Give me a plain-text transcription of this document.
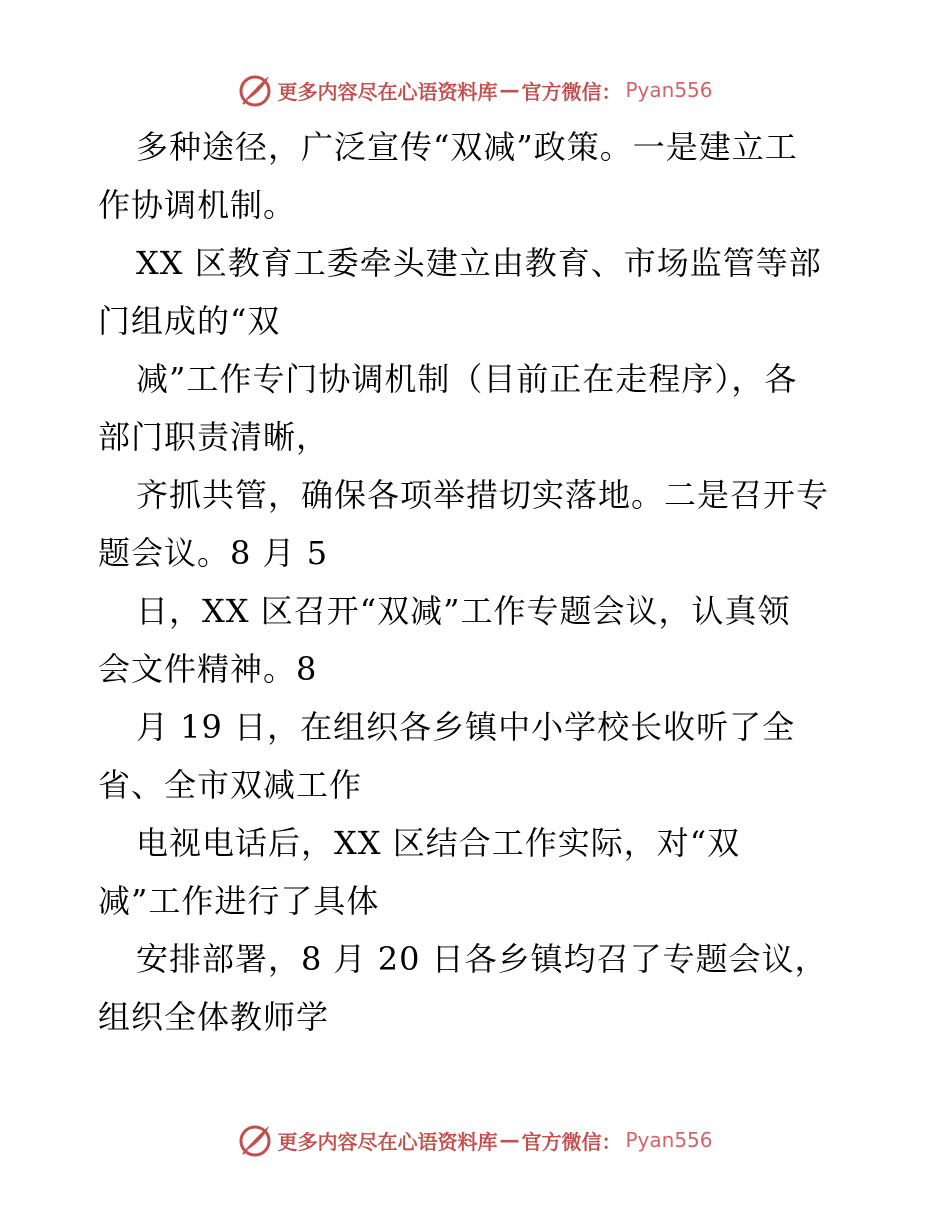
更多内容尽在心语资料库 — 官方微信： Pyan556
多种途径，广泛宣传“双减”政策。一是建立工
作协调机制。
XX 区教育工委牵头建立由教育、市场监管等部
门组成的“双
减”工作专门协调机制（目前正在走程序），各
部门职责清晰，
齐抓共管，确保各项举措切实落地。二是召开专
题会议。8 月 5
日，XX 区召开“双减”工作专题会议，认真领
会文件精神。8
月 19 日，在组织各乡镇中小学校长收听了全
省、全市双减工作
电视电话后，XX 区结合工作实际，对“双
减”工作进行了具体
安排部署，8 月 20 日各乡镇均召了专题会议，
组织全体教师学
更多内容尽在心语资料库 — 官方微信： Pyan556
